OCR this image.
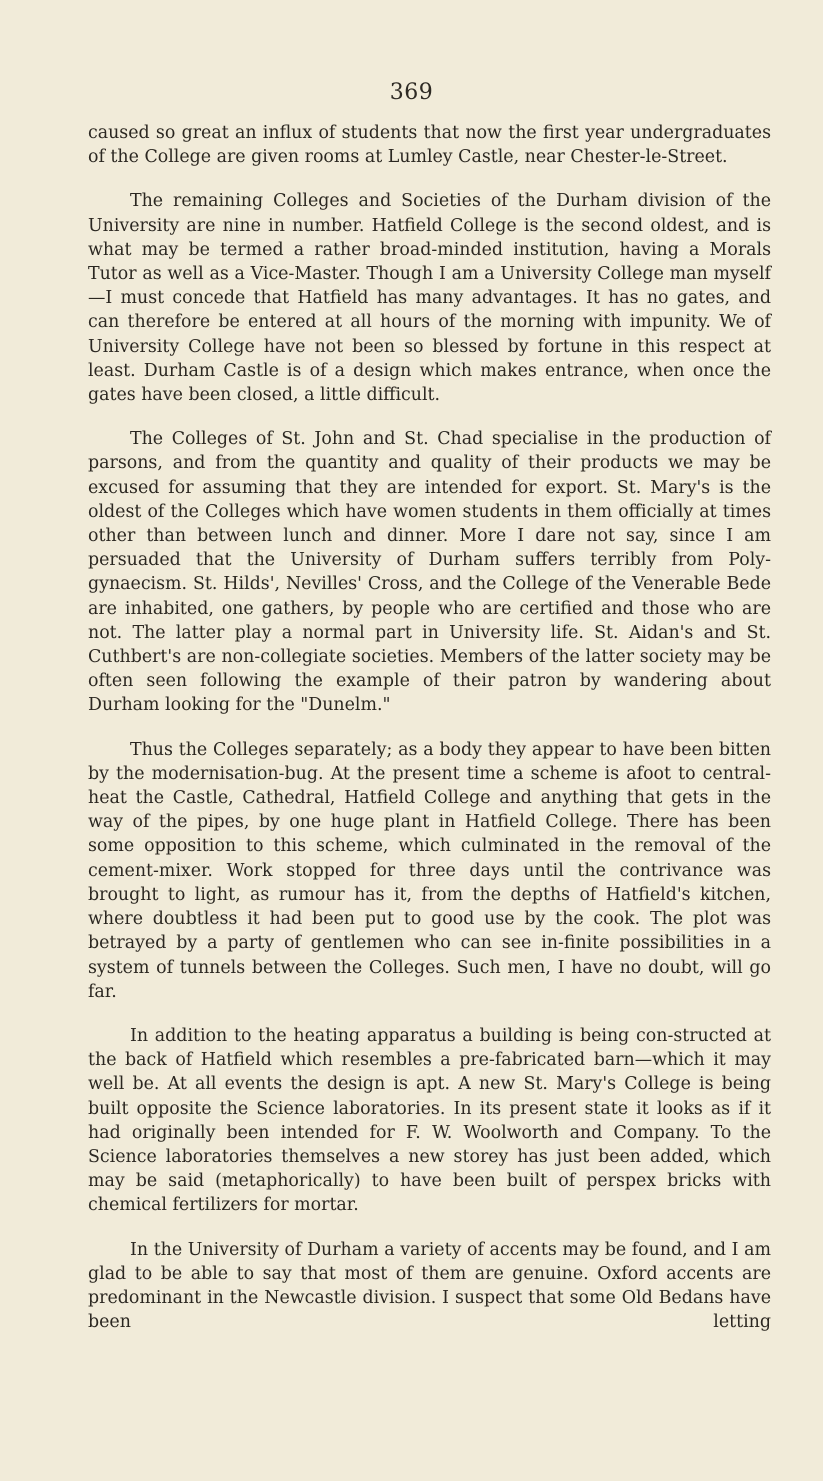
369

caused so great an influx of students that now the first year undergraduates of the College are given rooms at Lumley Castle, near Chester-le-Street.

The remaining Colleges and Societies of the Durham division of the University are nine in number. Hatfield College is the second oldest, and is what may be termed a rather broad-minded institution, having a Morals Tutor as well as a Vice-Master. Though I am a University College man myself—I must concede that Hatfield has many advantages. It has no gates, and can therefore be entered at all hours of the morning with impunity. We of University College have not been so blessed by fortune in this respect at least. Durham Castle is of a design which makes entrance, when once the gates have been closed, a little difficult.

The Colleges of St. John and St. Chad specialise in the production of parsons, and from the quantity and quality of their products we may be excused for assuming that they are intended for export. St. Mary's is the oldest of the Colleges which have women students in them officially at times other than between lunch and dinner. More I dare not say, since I am persuaded that the University of Durham suffers terribly from Poly-gynaecism. St. Hilds', Nevilles' Cross, and the College of the Venerable Bede are inhabited, one gathers, by people who are certified and those who are not. The latter play a normal part in University life. St. Aidan's and St. Cuthbert's are non-collegiate societies. Members of the latter society may be often seen following the example of their patron by wandering about Durham looking for the "Dunelm."

Thus the Colleges separately; as a body they appear to have been bitten by the modernisation-bug. At the present time a scheme is afoot to central-heat the Castle, Cathedral, Hatfield College and anything that gets in the way of the pipes, by one huge plant in Hatfield College. There has been some opposition to this scheme, which culminated in the removal of the cement-mixer. Work stopped for three days until the contrivance was brought to light, as rumour has it, from the depths of Hatfield's kitchen, where doubtless it had been put to good use by the cook. The plot was betrayed by a party of gentlemen who can see in-finite possibilities in a system of tunnels between the Colleges. Such men, I have no doubt, will go far.

In addition to the heating apparatus a building is being con-structed at the back of Hatfield which resembles a pre-fabricated barn—which it may well be. At all events the design is apt. A new St. Mary's College is being built opposite the Science laboratories. In its present state it looks as if it had originally been intended for F. W. Woolworth and Company. To the Science laboratories themselves a new storey has just been added, which may be said (metaphorically) to have been built of perspex bricks with chemical fertilizers for mortar.

In the University of Durham a variety of accents may be found, and I am glad to be able to say that most of them are genuine. Oxford accents are predominant in the Newcastle division. I suspect that some Old Bedans have been letting
